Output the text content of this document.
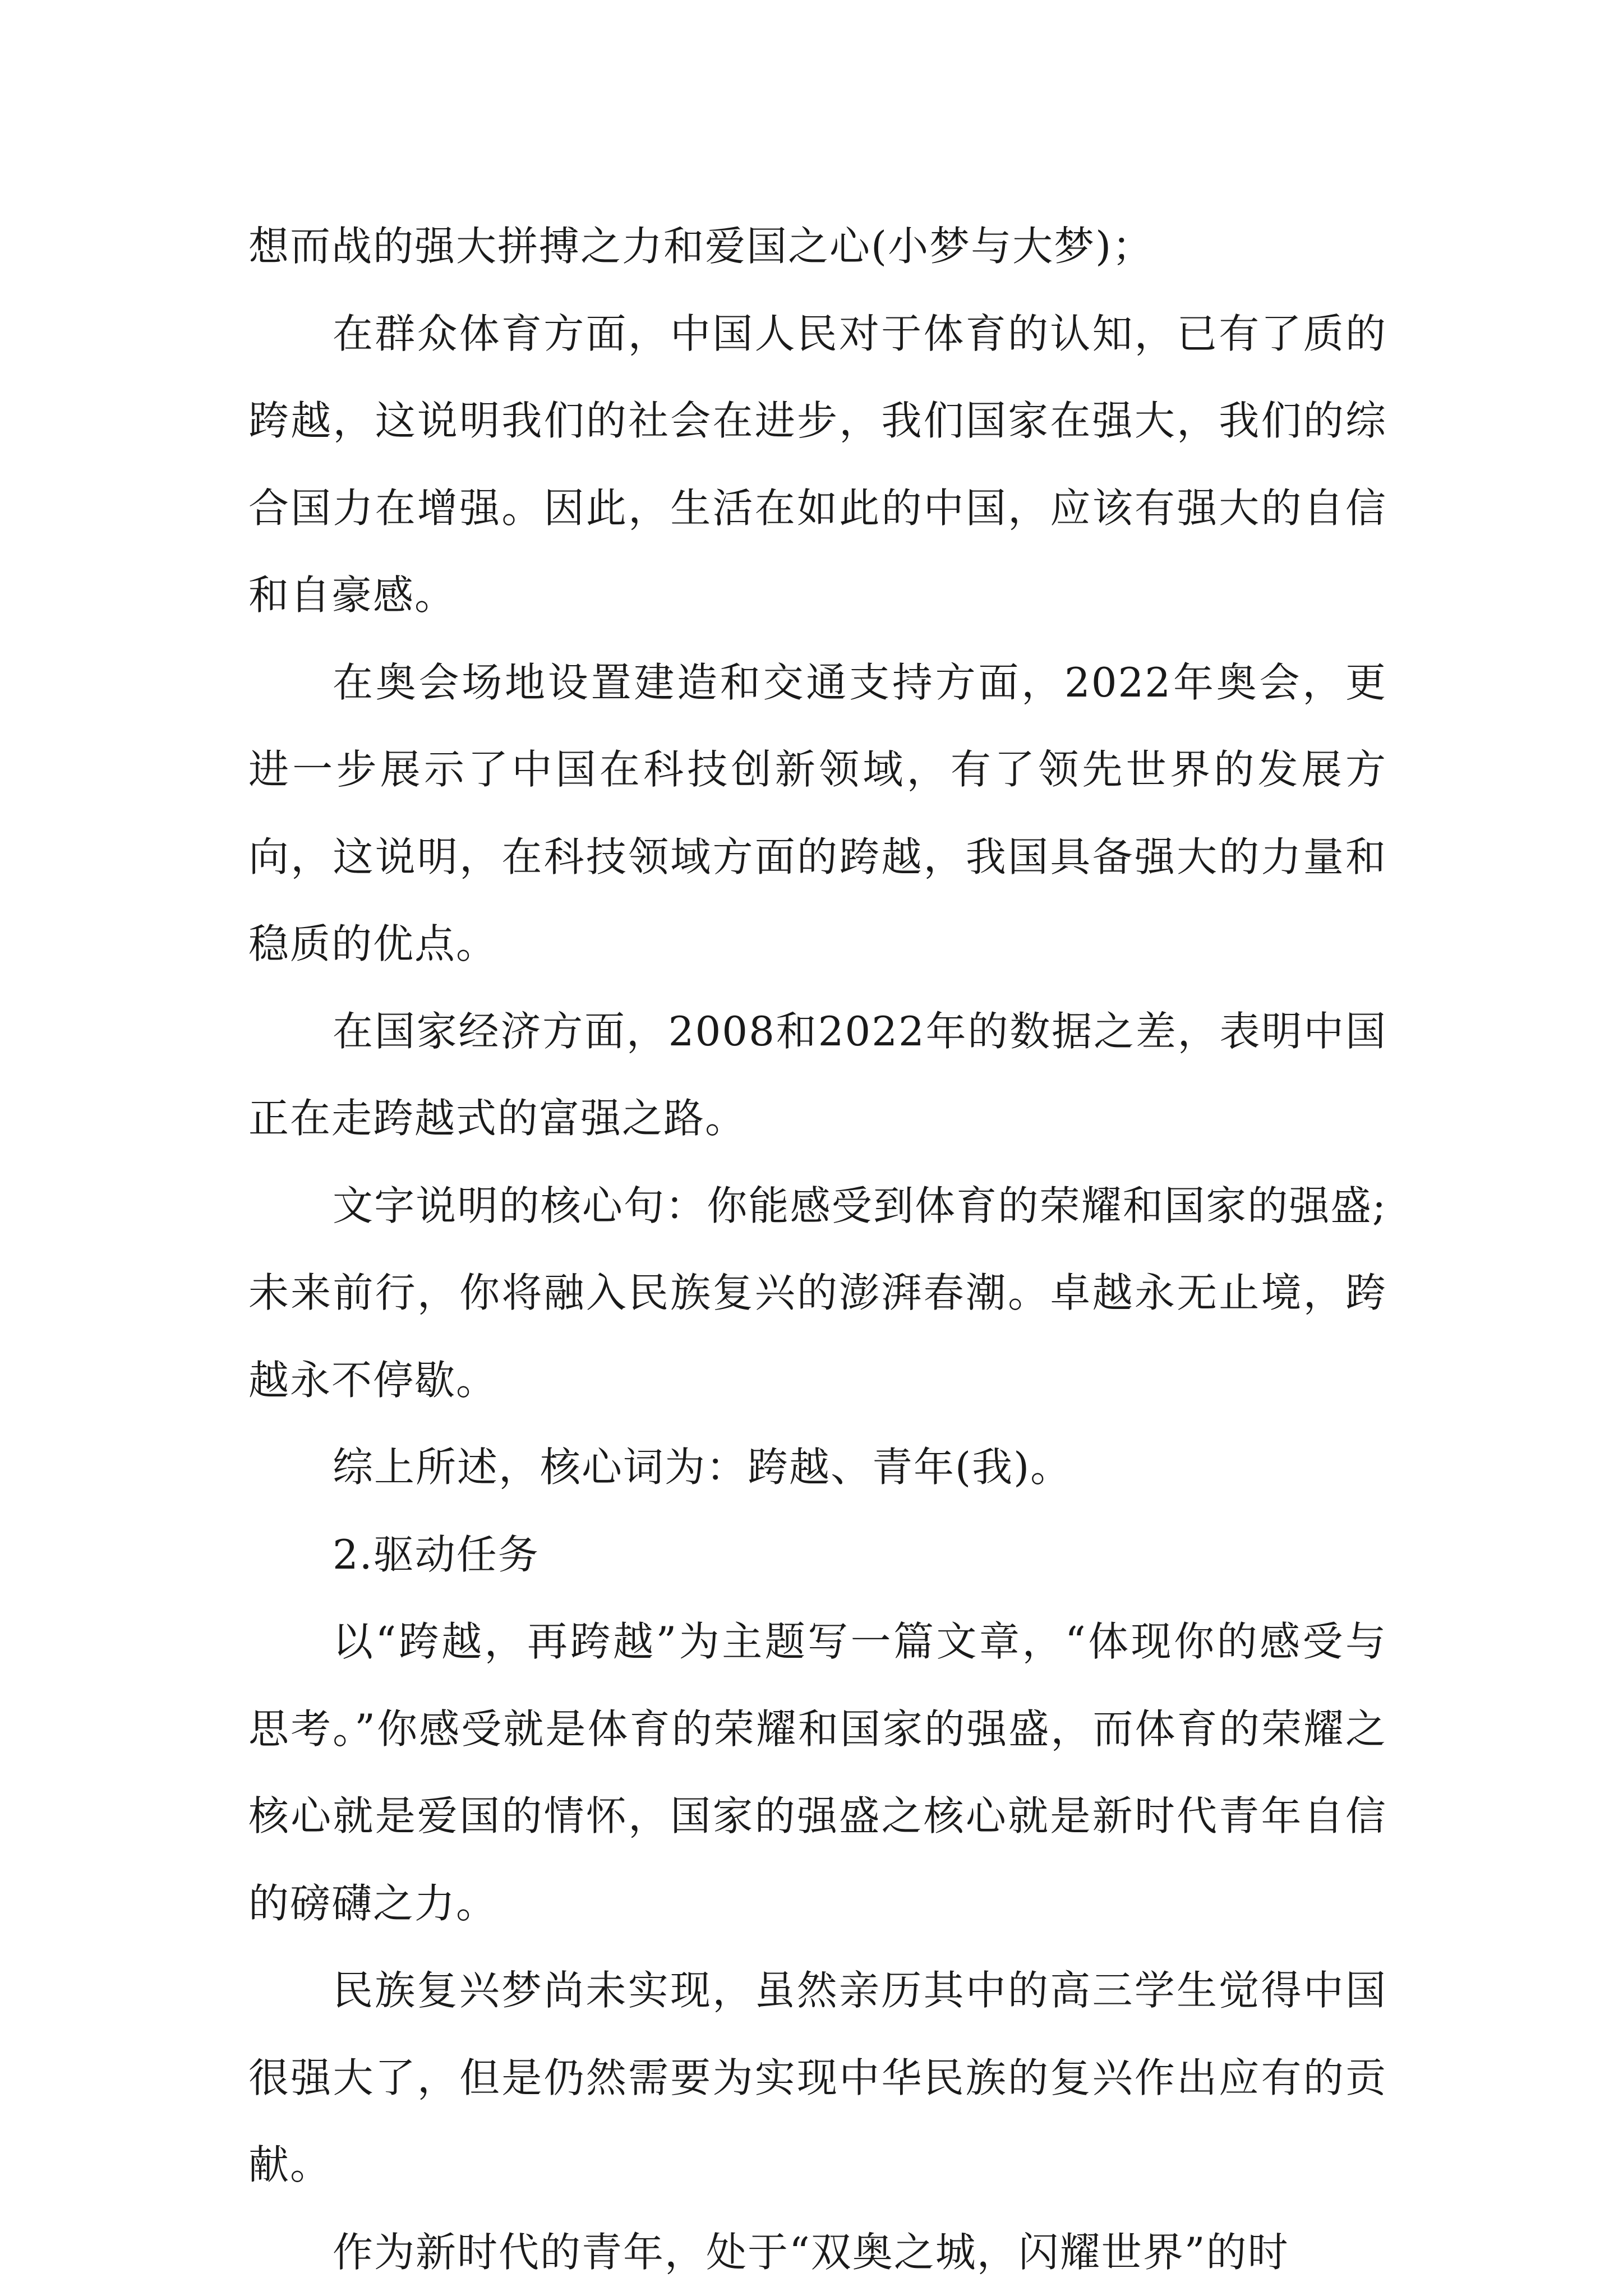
想而战的强大拼搏之力和爱国之心(小梦与大梦)；

在群众体育方面，中国人民对于体育的认知，已有了质的跨越，这说明我们的社会在进步，我们国家在强大，我们的综合国力在增强。因此，生活在如此的中国，应该有强大的自信和自豪感。

在奥会场地设置建造和交通支持方面，2022年奥会，更进一步展示了中国在科技创新领域，有了领先世界的发展方向，这说明，在科技领域方面的跨越，我国具备强大的力量和稳质的优点。

在国家经济方面，2008和2022年的数据之差，表明中国正在走跨越式的富强之路。

文字说明的核心句：你能感受到体育的荣耀和国家的强盛;未来前行，你将融入民族复兴的澎湃春潮。卓越永无止境，跨越永不停歇。

综上所述，核心词为：跨越、青年(我)。

2.驱动任务

以“跨越，再跨越”为主题写一篇文章，“体现你的感受与思考。”你感受就是体育的荣耀和国家的强盛，而体育的荣耀之核心就是爱国的情怀，国家的强盛之核心就是新时代青年自信的磅礴之力。

民族复兴梦尚未实现，虽然亲历其中的高三学生觉得中国很强大了，但是仍然需要为实现中华民族的复兴作出应有的贡献。

作为新时代的青年，处于“双奥之城，闪耀世界”的时
